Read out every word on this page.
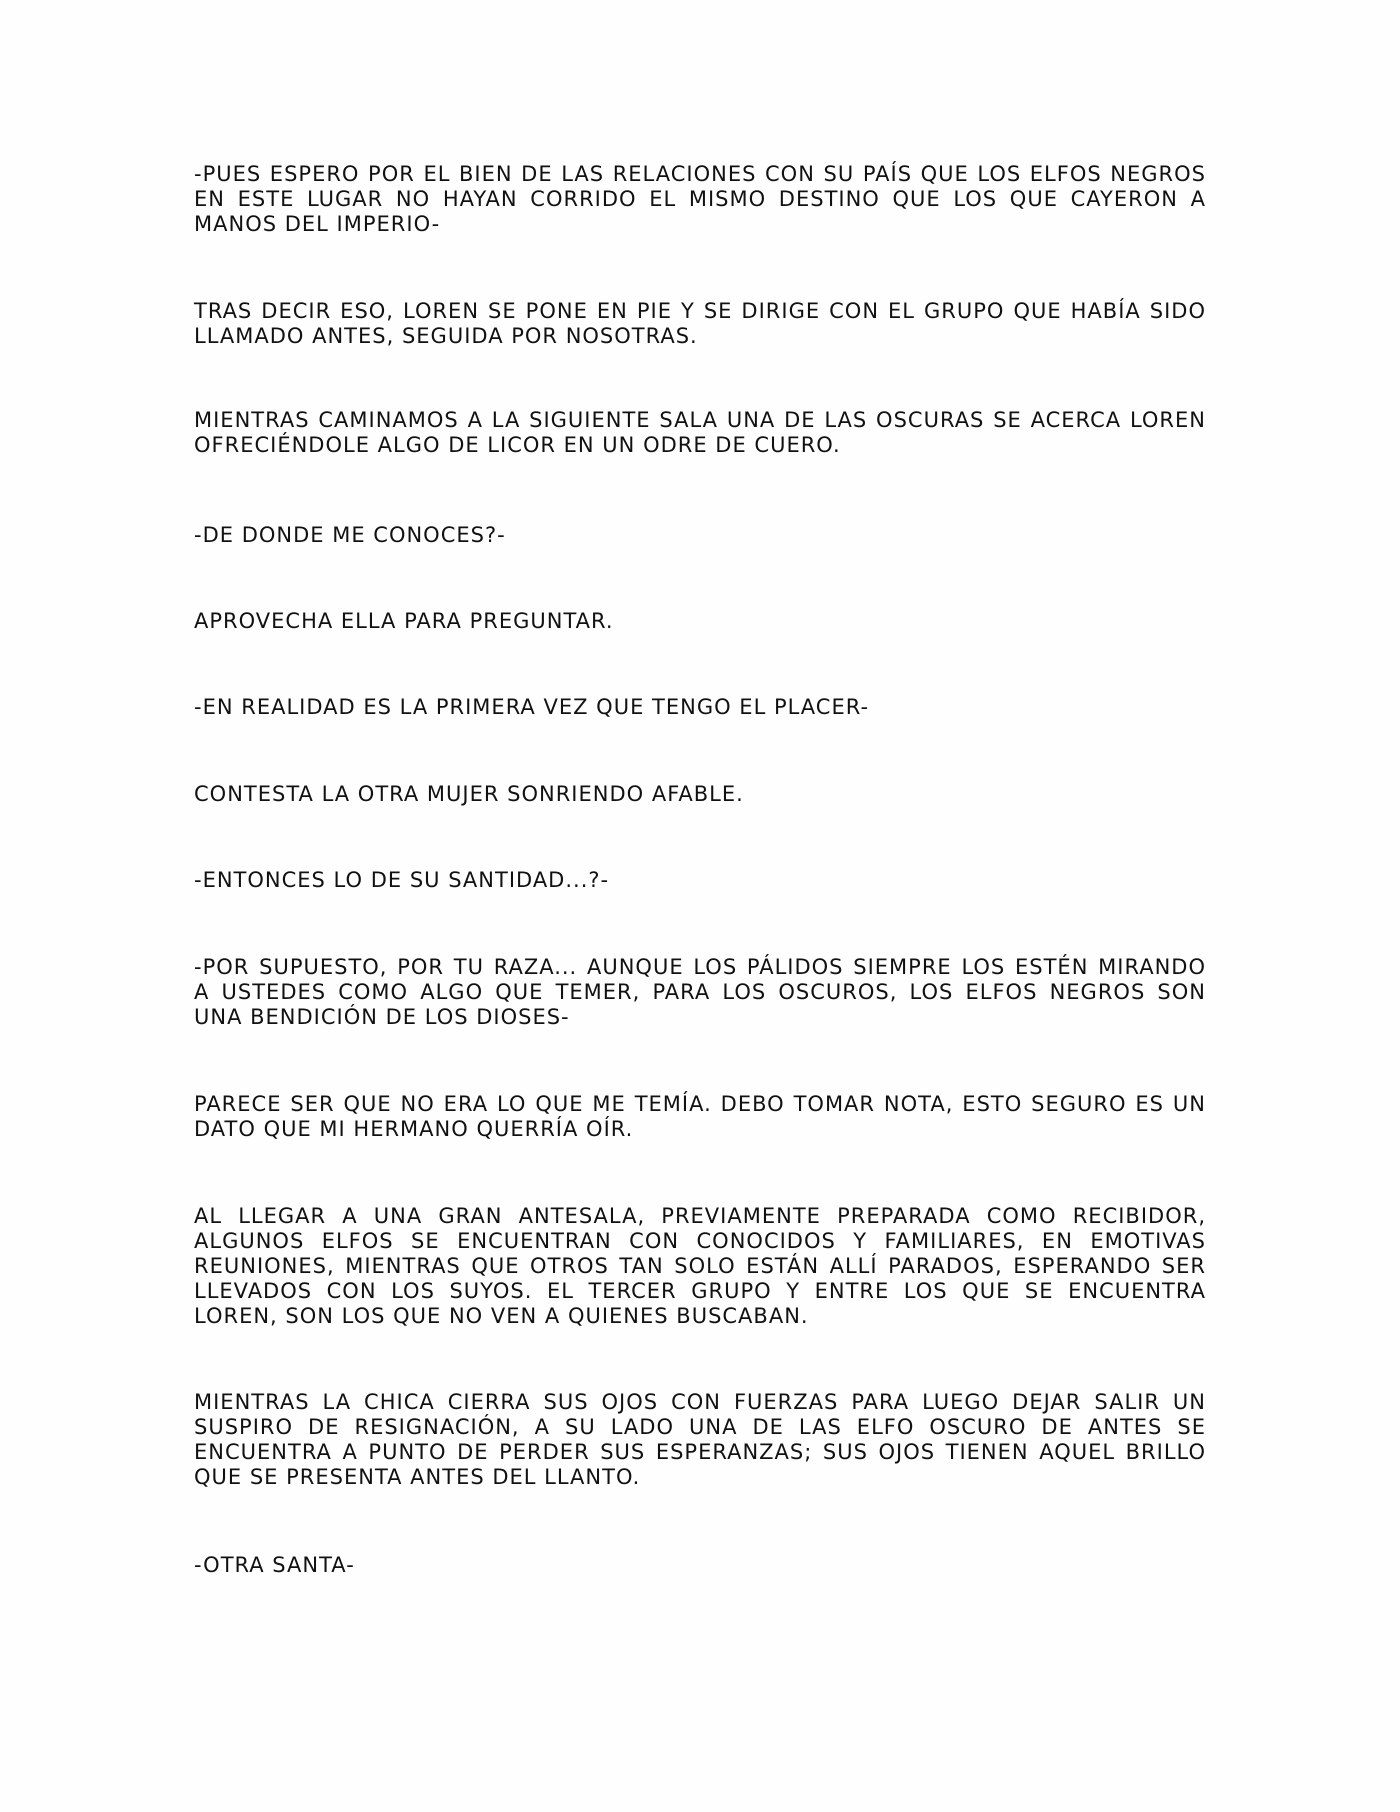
-PUES ESPERO POR EL BIEN DE LAS RELACIONES CON SU PAÍS QUE LOS ELFOS NEGROS EN ESTE LUGAR NO HAYAN CORRIDO EL MISMO DESTINO QUE LOS QUE CAYERON A MANOS DEL IMPERIO-

TRAS DECIR ESO, LOREN SE PONE EN PIE Y SE DIRIGE CON EL GRUPO QUE HABÍA SIDO LLAMADO ANTES, SEGUIDA POR NOSOTRAS.

MIENTRAS CAMINAMOS A LA SIGUIENTE SALA UNA DE LAS OSCURAS SE ACERCA LOREN OFRECIÉNDOLE ALGO DE LICOR EN UN ODRE DE CUERO.

-DE DONDE ME CONOCES?-

APROVECHA ELLA PARA PREGUNTAR.

-EN REALIDAD ES LA PRIMERA VEZ QUE TENGO EL PLACER-

CONTESTA LA OTRA MUJER SONRIENDO AFABLE.

-ENTONCES LO DE SU SANTIDAD...?-

-POR SUPUESTO, POR TU RAZA... AUNQUE LOS PÁLIDOS SIEMPRE LOS ESTÉN MIRANDO A USTEDES COMO ALGO QUE TEMER, PARA LOS OSCUROS, LOS ELFOS NEGROS SON UNA BENDICIÓN DE LOS DIOSES-

PARECE SER QUE NO ERA LO QUE ME TEMÍA. DEBO TOMAR NOTA, ESTO SEGURO ES UN DATO QUE MI HERMANO QUERRÍA OÍR.

AL LLEGAR A UNA GRAN ANTESALA, PREVIAMENTE PREPARADA COMO RECIBIDOR, ALGUNOS ELFOS SE ENCUENTRAN CON CONOCIDOS Y FAMILIARES, EN EMOTIVAS REUNIONES, MIENTRAS QUE OTROS TAN SOLO ESTÁN ALLÍ PARADOS, ESPERANDO SER LLEVADOS CON LOS SUYOS. EL TERCER GRUPO Y ENTRE LOS QUE SE ENCUENTRA LOREN, SON LOS QUE NO VEN A QUIENES BUSCABAN.

MIENTRAS LA CHICA CIERRA SUS OJOS CON FUERZAS PARA LUEGO DEJAR SALIR UN SUSPIRO DE RESIGNACIÓN, A SU LADO UNA DE LAS ELFO OSCURO DE ANTES SE ENCUENTRA A PUNTO DE PERDER SUS ESPERANZAS; SUS OJOS TIENEN AQUEL BRILLO QUE SE PRESENTA ANTES DEL LLANTO.

-OTRA SANTA-
